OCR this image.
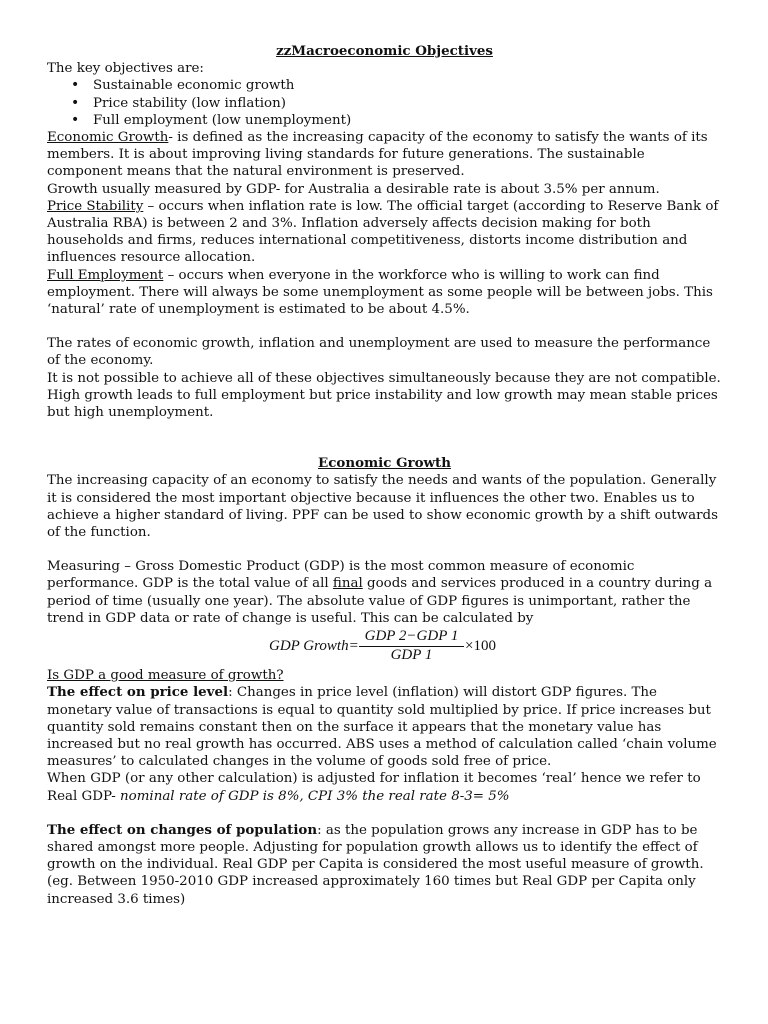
zzMacroeconomic Objectives

The key objectives are:

• Sustainable economic growth
• Price stability (low inflation)
• Full employment (low unemployment)

Economic Growth- is defined as the increasing capacity of the economy to satisfy the wants of its members. It is about improving living standards for future generations. The sustainable component means that the natural environment is preserved.

Growth usually measured by GDP- for Australia a desirable rate is about 3.5% per annum.

Price Stability – occurs when inflation rate is low. The official target (according to Reserve Bank of Australia RBA) is between 2 and 3%. Inflation adversely affects decision making for both households and firms, reduces international competitiveness, distorts income distribution and influences resource allocation.

Full Employment – occurs when everyone in the workforce who is willing to work can find employment. There will always be some unemployment as some people will be between jobs. This ‘natural’ rate of unemployment is estimated to be about 4.5%.

The rates of economic growth, inflation and unemployment are used to measure the performance of the economy.

It is not possible to achieve all of these objectives simultaneously because they are not compatible. High growth leads to full employment but price instability and low growth may mean stable prices but high unemployment.

Economic Growth

The increasing capacity of an economy to satisfy the needs and wants of the population. Generally it is considered the most important objective because it influences the other two. Enables us to achieve a higher standard of living. PPF can be used to show economic growth by a shift outwards of the function.

Measuring – Gross Domestic Product (GDP) is the most common measure of economic performance. GDP is the total value of all final goods and services produced in a country during a period of time (usually one year). The absolute value of GDP figures is unimportant, rather the trend in GDP data or rate of change is useful. This can be calculated by

GDP Growth=
GDP 2−GDP 1
GDP 1
×100

Is GDP a good measure of growth?

The effect on price level: Changes in price level (inflation) will distort GDP figures. The monetary value of transactions is equal to quantity sold multiplied by price. If price increases but quantity sold remains constant then on the surface it appears that the monetary value has increased but no real growth has occurred. ABS uses a method of calculation called ‘chain volume measures’ to calculated changes in the volume of goods sold free of price.

When GDP (or any other calculation) is adjusted for inflation it becomes ‘real’ hence we refer to Real GDP- nominal rate of GDP is 8%, CPI 3% the real rate 8-3= 5%

The effect on changes of population: as the population grows any increase in GDP has to be shared amongst more people. Adjusting for population growth allows us to identify the effect of growth on the individual. Real GDP per Capita is considered the most useful measure of growth. (eg. Between 1950-2010 GDP increased approximately 160 times but Real GDP per Capita only increased 3.6 times)
